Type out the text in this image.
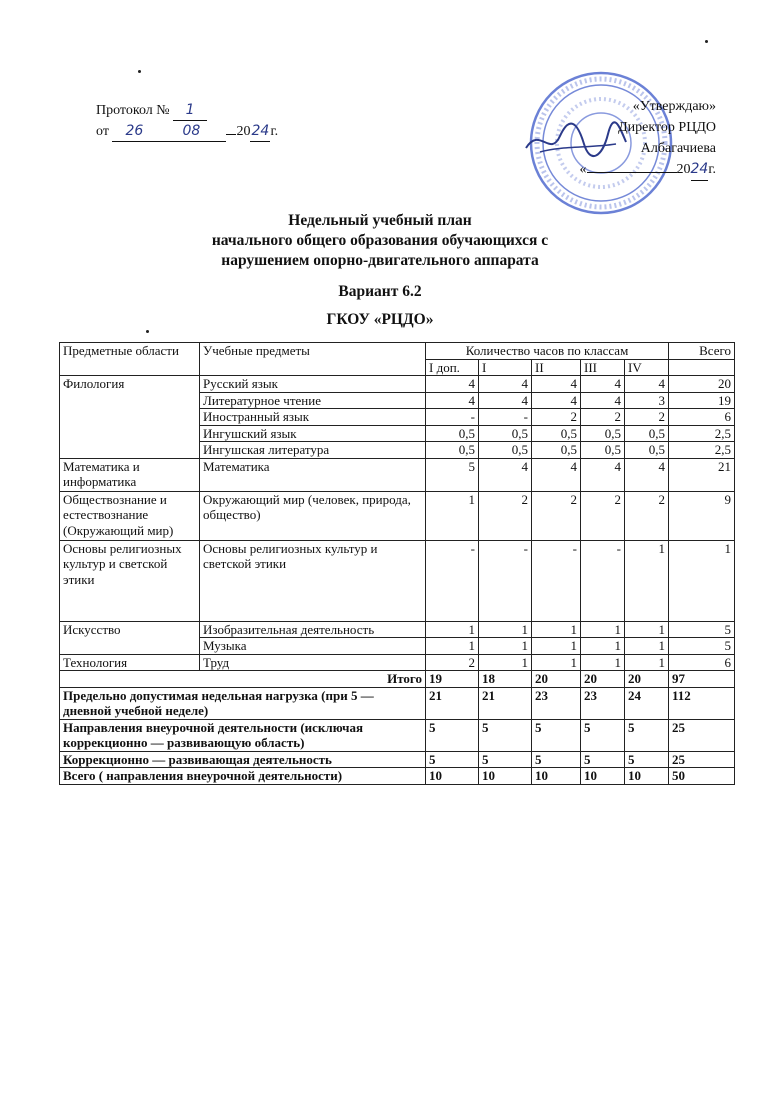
Протокол № 1
от 26	08	2024г.
«Утверждаю»
Директор РЦДО
Албагачиева
«	2024г.
Недельный учебный план
начального общего образования обучающихся с
нарушением опорно-двигательного аппарата
Вариант 6.2
ГКОУ «РЦДО»
Предметные области	Учебные предметы	Количество часов по классам					Всего
		I доп.	I	II	III	IV	
Филология	Русский язык	4	4	4	4	4	20
	Литературное чтение	4	4	4	4	3	19
	Иностранный язык	-	-	2	2	2	6
	Ингушский язык	0,5	0,5	0,5	0,5	0,5	2,5
	Ингушская литература	0,5	0,5	0,5	0,5	0,5	2,5
Математика и информатика	Математика	5	4	4	4	4	21
Обществознание и естествознание (Окружающий мир)	Окружающий мир (человек, природа, общество)	1	2	2	2	2	9
Основы религиозных культур и светской этики	Основы религиозных культур и светской этики	-	-	-	-	1	1
Искусство	Изобразительная деятельность	1	1	1	1	1	5
	Музыка	1	1	1	1	1	5
Технология	Труд	2	1	1	1	1	6
Итого		19	18	20	20	20	97
Предельно допустимая недельная нагрузка (при 5 — дневной учебной неделе)		21	21	23	23	24	112
Направления внеурочной деятельности (исключая коррекционно — развивающую область)		5	5	5	5	5	25
Коррекционно — развивающая деятельность		5	5	5	5	5	25
Всего ( направления внеурочной деятельности)		10	10	10	10	10	50
